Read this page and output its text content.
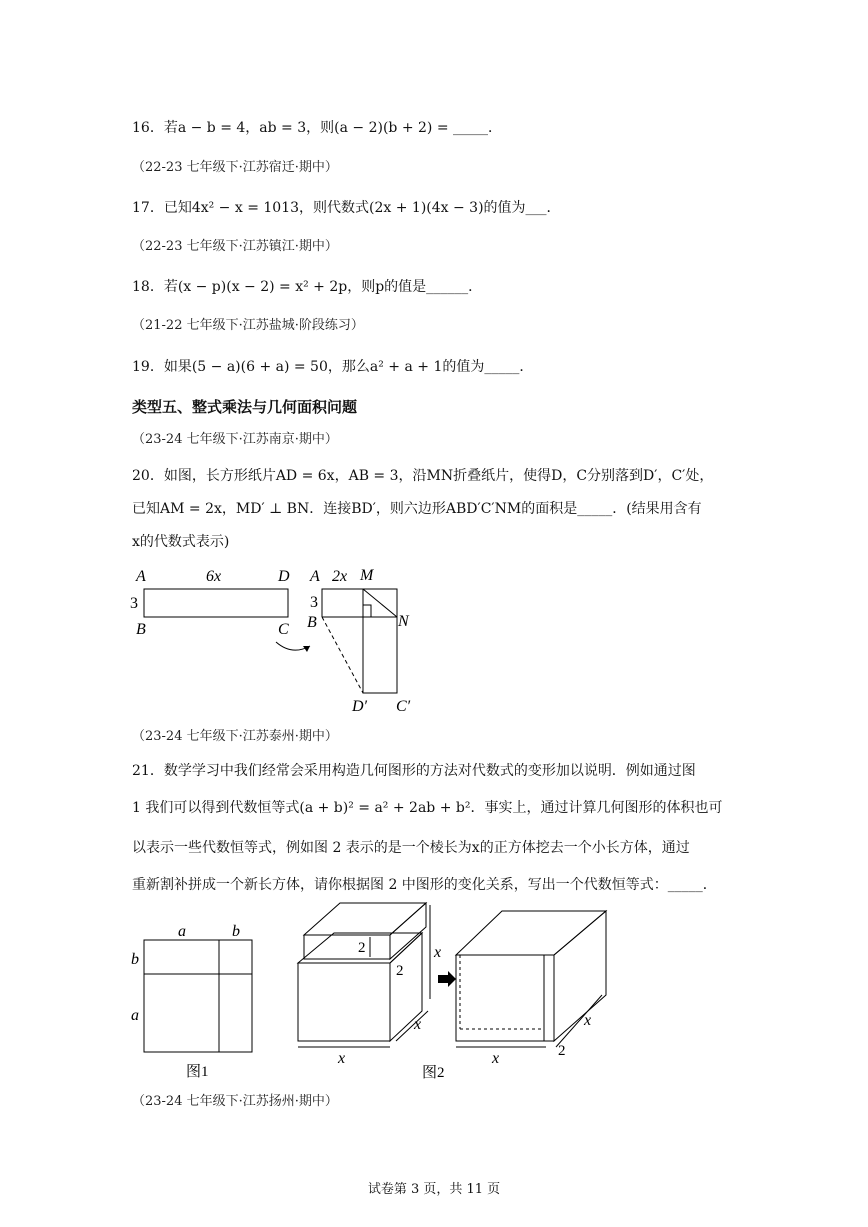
16．若a − b = 4，ab = 3，则(a − 2)(b + 2) = _____．
（22-23 七年级下·江苏宿迁·期中）
17．已知4x² − x = 1013，则代数式(2x + 1)(4x − 3)的值为___．
（22-23 七年级下·江苏镇江·期中）
18．若(x − p)(x − 2) = x² + 2p，则p的值是______．
（21-22 七年级下·江苏盐城·阶段练习）
19．如果(5 − a)(6 + a) = 50，那么a² + a + 1的值为_____．
类型五、整式乘法与几何面积问题
（23-24 七年级下·江苏南京·期中）
20．如图，长方形纸片AD = 6x，AB = 3，沿MN折叠纸片，使得D，C分别落到D′，C′处，
已知AM = 2x，MD′ ⊥ BN．连接BD′，则六边形ABD′C′NM的面积是_____．(结果用含有
x的代数式表示)
A	6x	D
3
B	C
A 2x M
3
B	N
D′ C′
（23-24 七年级下·江苏泰州·期中）
21．数学学习中我们经常会采用构造几何图形的方法对代数式的变形加以说明．例如通过图
1 我们可以得到代数恒等式(a + b)² = a² + 2ab + b²．事实上，通过计算几何图形的体积也可
以表示一些代数恒等式，例如图 2 表示的是一个棱长为x的正方体挖去一个小长方体，通过
重新割补拼成一个新长方体，请你根据图 2 中图形的变化关系，写出一个代数恒等式：_____．
a	b
b
a
图1
2
2
x
x
x
x
x	2
图2
（23-24 七年级下·江苏扬州·期中）
试卷第 3 页，共 11 页
